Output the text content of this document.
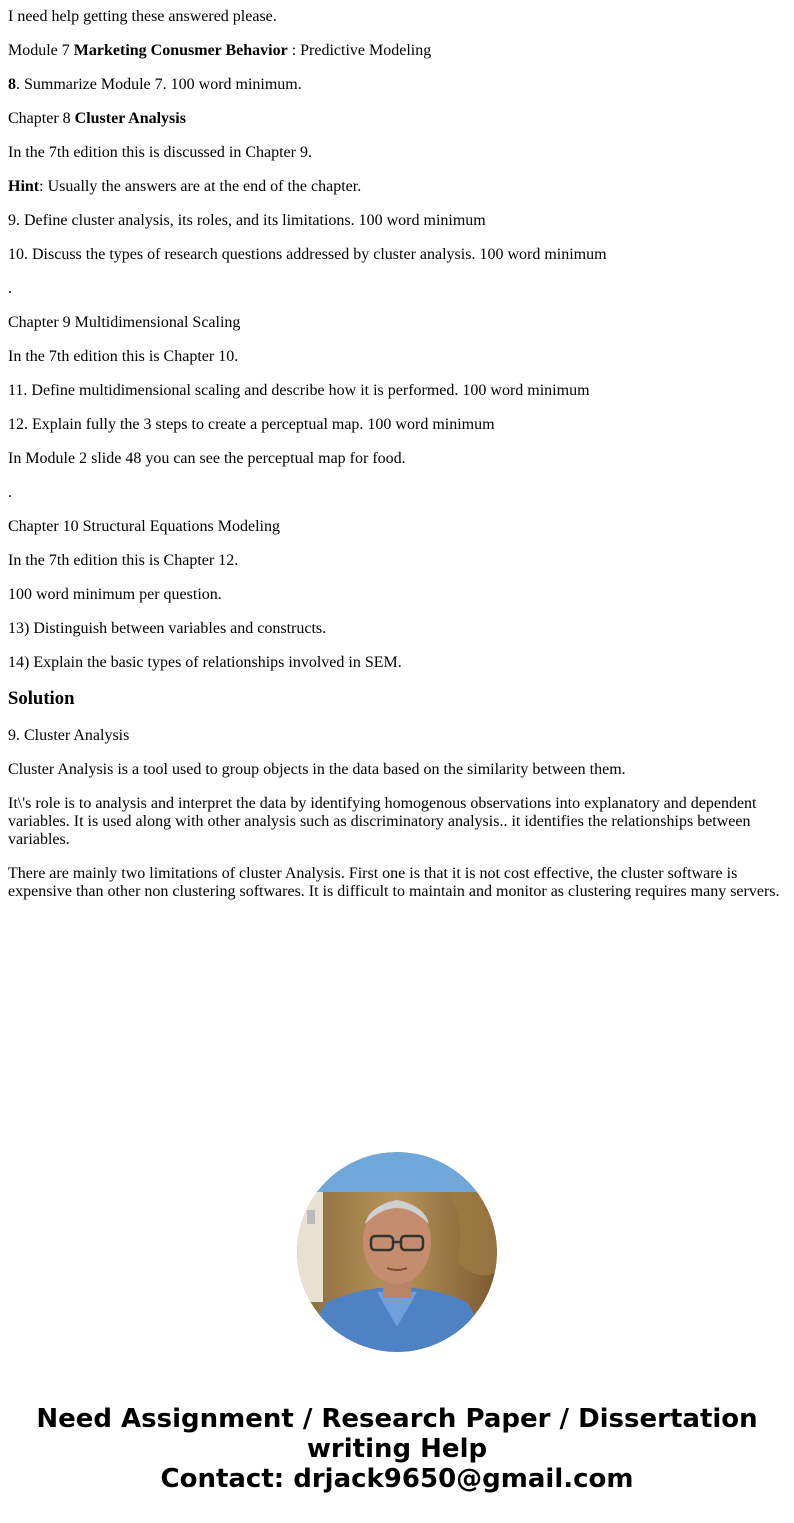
I need help getting these answered please.

Module 7 Marketing Conusmer Behavior : Predictive Modeling

8. Summarize Module 7. 100 word minimum.

Chapter 8 Cluster Analysis

In the 7th edition this is discussed in Chapter 9.

Hint: Usually the answers are at the end of the chapter.

9. Define cluster analysis, its roles, and its limitations. 100 word minimum

10. Discuss the types of research questions addressed by cluster analysis. 100 word minimum

.

Chapter 9 Multidimensional Scaling

In the 7th edition this is Chapter 10.

11. Define multidimensional scaling and describe how it is performed. 100 word minimum

12. Explain fully the 3 steps to create a perceptual map. 100 word minimum

In Module 2 slide 48 you can see the perceptual map for food.

.

Chapter 10 Structural Equations Modeling

In the 7th edition this is Chapter 12.

100 word minimum per question.

13) Distinguish between variables and constructs.

14) Explain the basic types of relationships involved in SEM.

Solution

9. Cluster Analysis

Cluster Analysis is a tool used to group objects in the data based on the similarity between them.

It\'s role is to analysis and interpret the data by identifying homogenous observations into explanatory and dependent variables. It is used along with other analysis such as discriminatory analysis.. it identifies the relationships between variables.

There are mainly two limitations of cluster Analysis. First one is that it is not cost effective, the cluster software is expensive than other non clustering softwares. It is difficult to maintain and monitor as clustering requires many servers.

Need Assignment / Research Paper / Dissertation
writing Help
Contact: drjack9650@gmail.com
